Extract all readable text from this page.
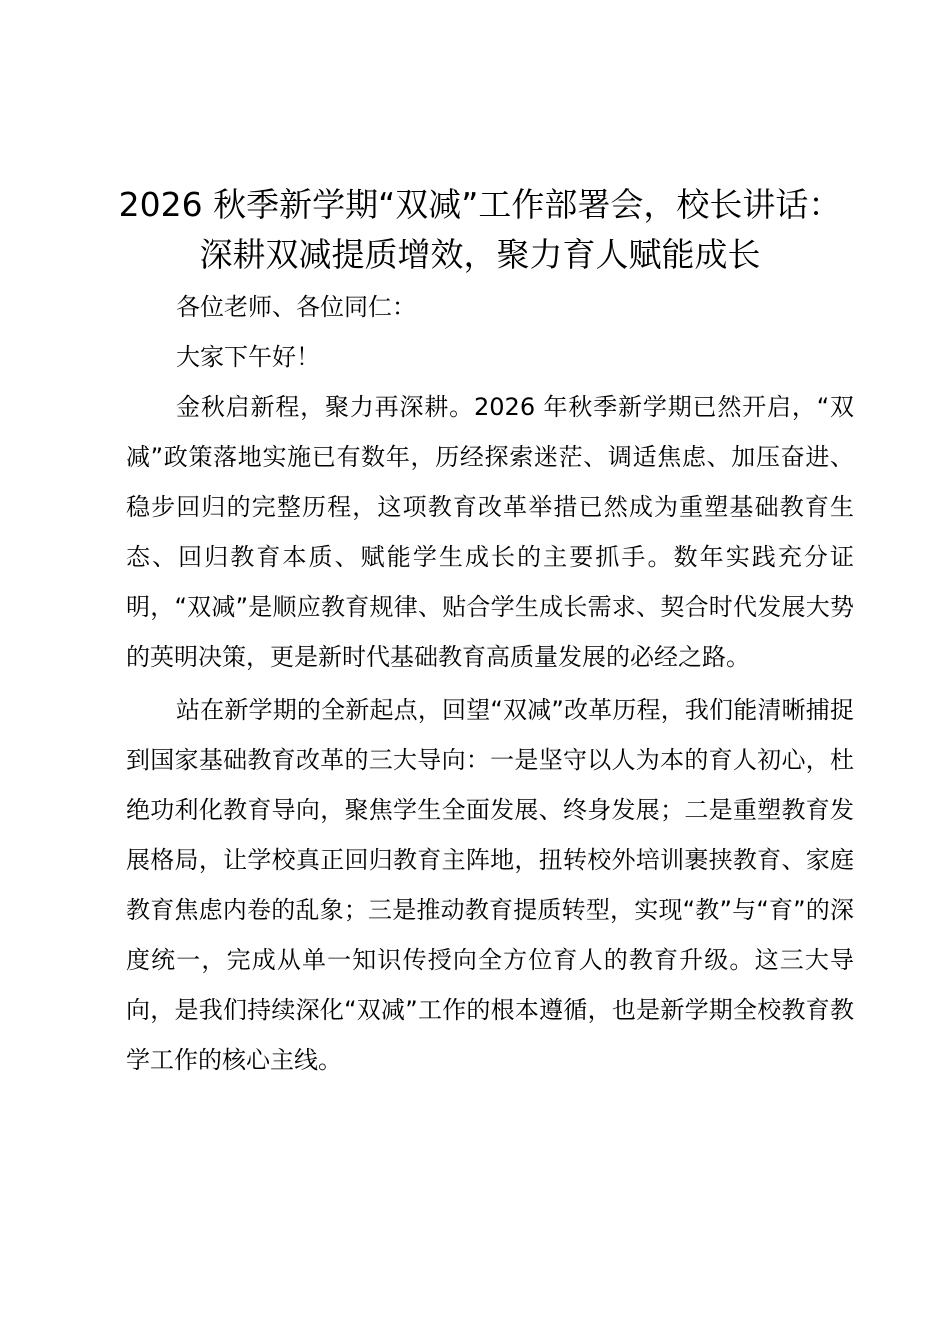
2026 秋季新学期“双减”工作部署会，校长讲话：深耕双减提质增效，聚力育人赋能成长

各位老师、各位同仁：

大家下午好！

金秋启新程，聚力再深耕。2026 年秋季新学期已然开启，“双减”政策落地实施已有数年，历经探索迷茫、调适焦虑、加压奋进、稳步回归的完整历程，这项教育改革举措已然成为重塑基础教育生态、回归教育本质、赋能学生成长的主要抓手。数年实践充分证明，“双减”是顺应教育规律、贴合学生成长需求、契合时代发展大势的英明决策，更是新时代基础教育高质量发展的必经之路。

站在新学期的全新起点，回望“双减”改革历程，我们能清晰捕捉到国家基础教育改革的三大导向：一是坚守以人为本的育人初心，杜绝功利化教育导向，聚焦学生全面发展、终身发展；二是重塑教育发展格局，让学校真正回归教育主阵地，扭转校外培训裹挟教育、家庭教育焦虑内卷的乱象；三是推动教育提质转型，实现“教”与“育”的深度统一，完成从单一知识传授向全方位育人的教育升级。这三大导向，是我们持续深化“双减”工作的根本遵循，也是新学期全校教育教学工作的核心主线。
